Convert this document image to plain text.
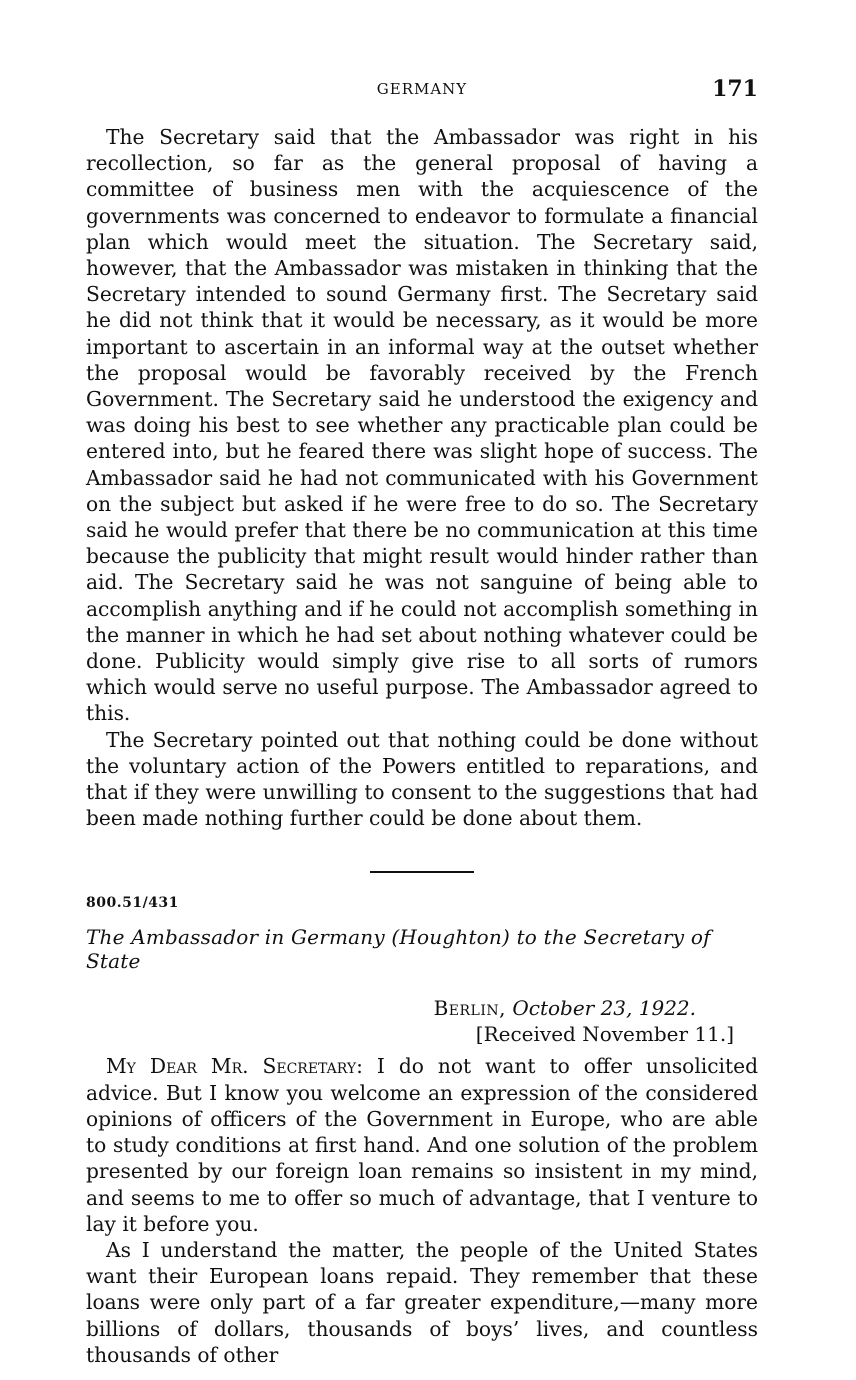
GERMANY	171

The Secretary said that the Ambassador was right in his recollection, so far as the general proposal of having a committee of business men with the acquiescence of the governments was concerned to endeavor to formulate a financial plan which would meet the situation. The Secretary said, however, that the Ambassador was mistaken in thinking that the Secretary intended to sound Germany first. The Secretary said he did not think that it would be necessary, as it would be more important to ascertain in an informal way at the outset whether the proposal would be favorably received by the French Government. The Secretary said he understood the exigency and was doing his best to see whether any practicable plan could be entered into, but he feared there was slight hope of success. The Ambassador said he had not communicated with his Government on the subject but asked if he were free to do so. The Secretary said he would prefer that there be no communication at this time because the publicity that might result would hinder rather than aid. The Secretary said he was not sanguine of being able to accomplish anything and if he could not accomplish something in the manner in which he had set about nothing whatever could be done. Publicity would simply give rise to all sorts of rumors which would serve no useful purpose. The Ambassador agreed to this.

The Secretary pointed out that nothing could be done without the voluntary action of the Powers entitled to reparations, and that if they were unwilling to consent to the suggestions that had been made nothing further could be done about them.

800.51/431
The Ambassador in Germany (Houghton) to the Secretary of State
Berlin, October 23, 1922.
[Received November 11.]

My Dear Mr. Secretary: I do not want to offer unsolicited advice. But I know you welcome an expression of the considered opinions of officers of the Government in Europe, who are able to study conditions at first hand. And one solution of the problem presented by our foreign loan remains so insistent in my mind, and seems to me to offer so much of advantage, that I venture to lay it before you.

As I understand the matter, the people of the United States want their European loans repaid. They remember that these loans were only part of a far greater expenditure,—many more billions of dollars, thousands of boys’ lives, and countless thousands of other
